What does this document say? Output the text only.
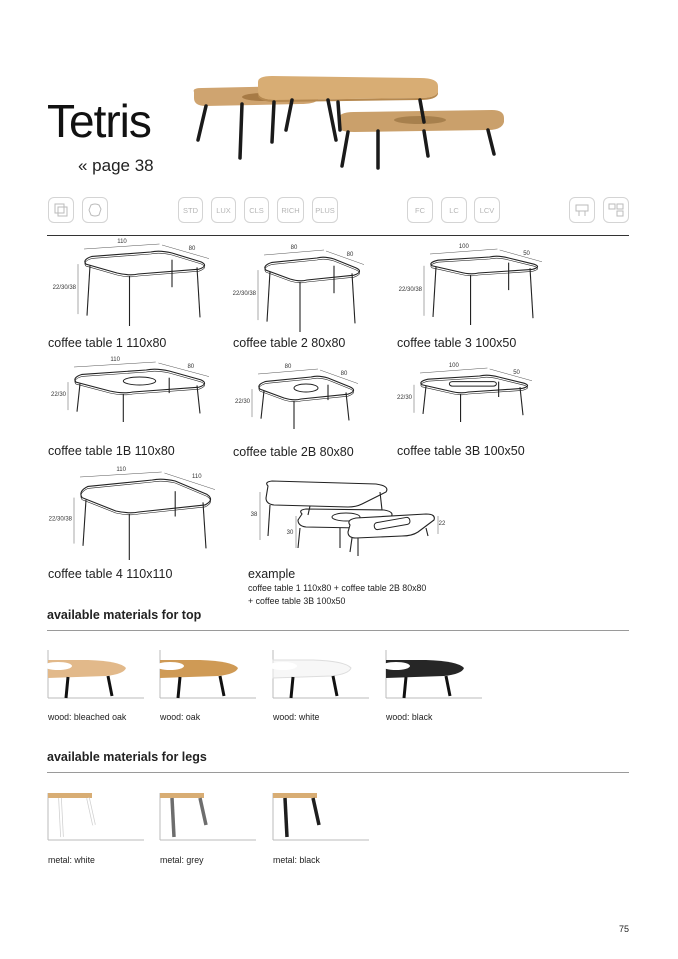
Tetris
« page 38
STD	LUX	CLS	RICH	PLUS	FC	LC	LCV
110
80
22/30/38
80
80
22/30/38
100
50
22/30/38
110
80
22/30
80
80
22/30
100
50
22/30
110
110
22/30/38
38
30
22
coffee table 1 110x80	coffee table 2 80x80	coffee table 3 100x50
coffee table 1B 110x80	coffee table 2B 80x80	coffee table 3B 100x50
coffee table 4 110x110	example
coffee table 1 110x80 + coffee table 2B 80x80
+ coffee table 3B 100x50
available materials for top
wood: bleached oak	wood: oak	wood: white	wood: black
available materials for legs
metal: white	metal: grey	metal: black
75
